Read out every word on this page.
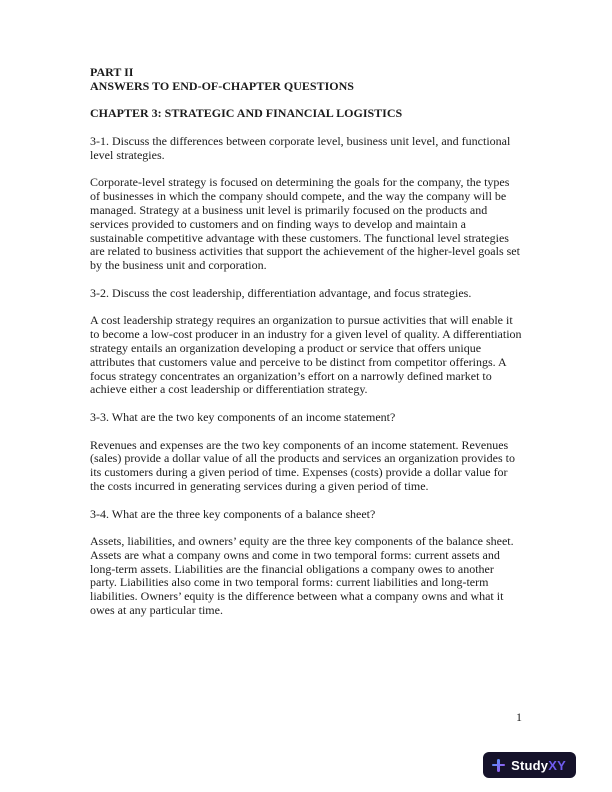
PART II
ANSWERS TO END-OF-CHAPTER QUESTIONS
CHAPTER 3: STRATEGIC AND FINANCIAL LOGISTICS

3-1. Discuss the differences between corporate level, business unit level, and functional level strategies.

Corporate-level strategy is focused on determining the goals for the company, the types of businesses in which the company should compete, and the way the company will be managed. Strategy at a business unit level is primarily focused on the products and services provided to customers and on finding ways to develop and maintain a sustainable competitive advantage with these customers. The functional level strategies are related to business activities that support the achievement of the higher-level goals set by the business unit and corporation.

3-2. Discuss the cost leadership, differentiation advantage, and focus strategies.

A cost leadership strategy requires an organization to pursue activities that will enable it to become a low-cost producer in an industry for a given level of quality. A differentiation strategy entails an organization developing a product or service that offers unique attributes that customers value and perceive to be distinct from competitor offerings. A focus strategy concentrates an organization’s effort on a narrowly defined market to achieve either a cost leadership or differentiation strategy.

3-3. What are the two key components of an income statement?

Revenues and expenses are the two key components of an income statement. Revenues (sales) provide a dollar value of all the products and services an organization provides to its customers during a given period of time. Expenses (costs) provide a dollar value for the costs incurred in generating services during a given period of time.

3-4. What are the three key components of a balance sheet?

Assets, liabilities, and owners’ equity are the three key components of the balance sheet. Assets are what a company owns and come in two temporal forms: current assets and long-term assets. Liabilities are the financial obligations a company owes to another party. Liabilities also come in two temporal forms: current liabilities and long-term liabilities. Owners’ equity is the difference between what a company owns and what it owes at any particular time.

1
StudyXY
